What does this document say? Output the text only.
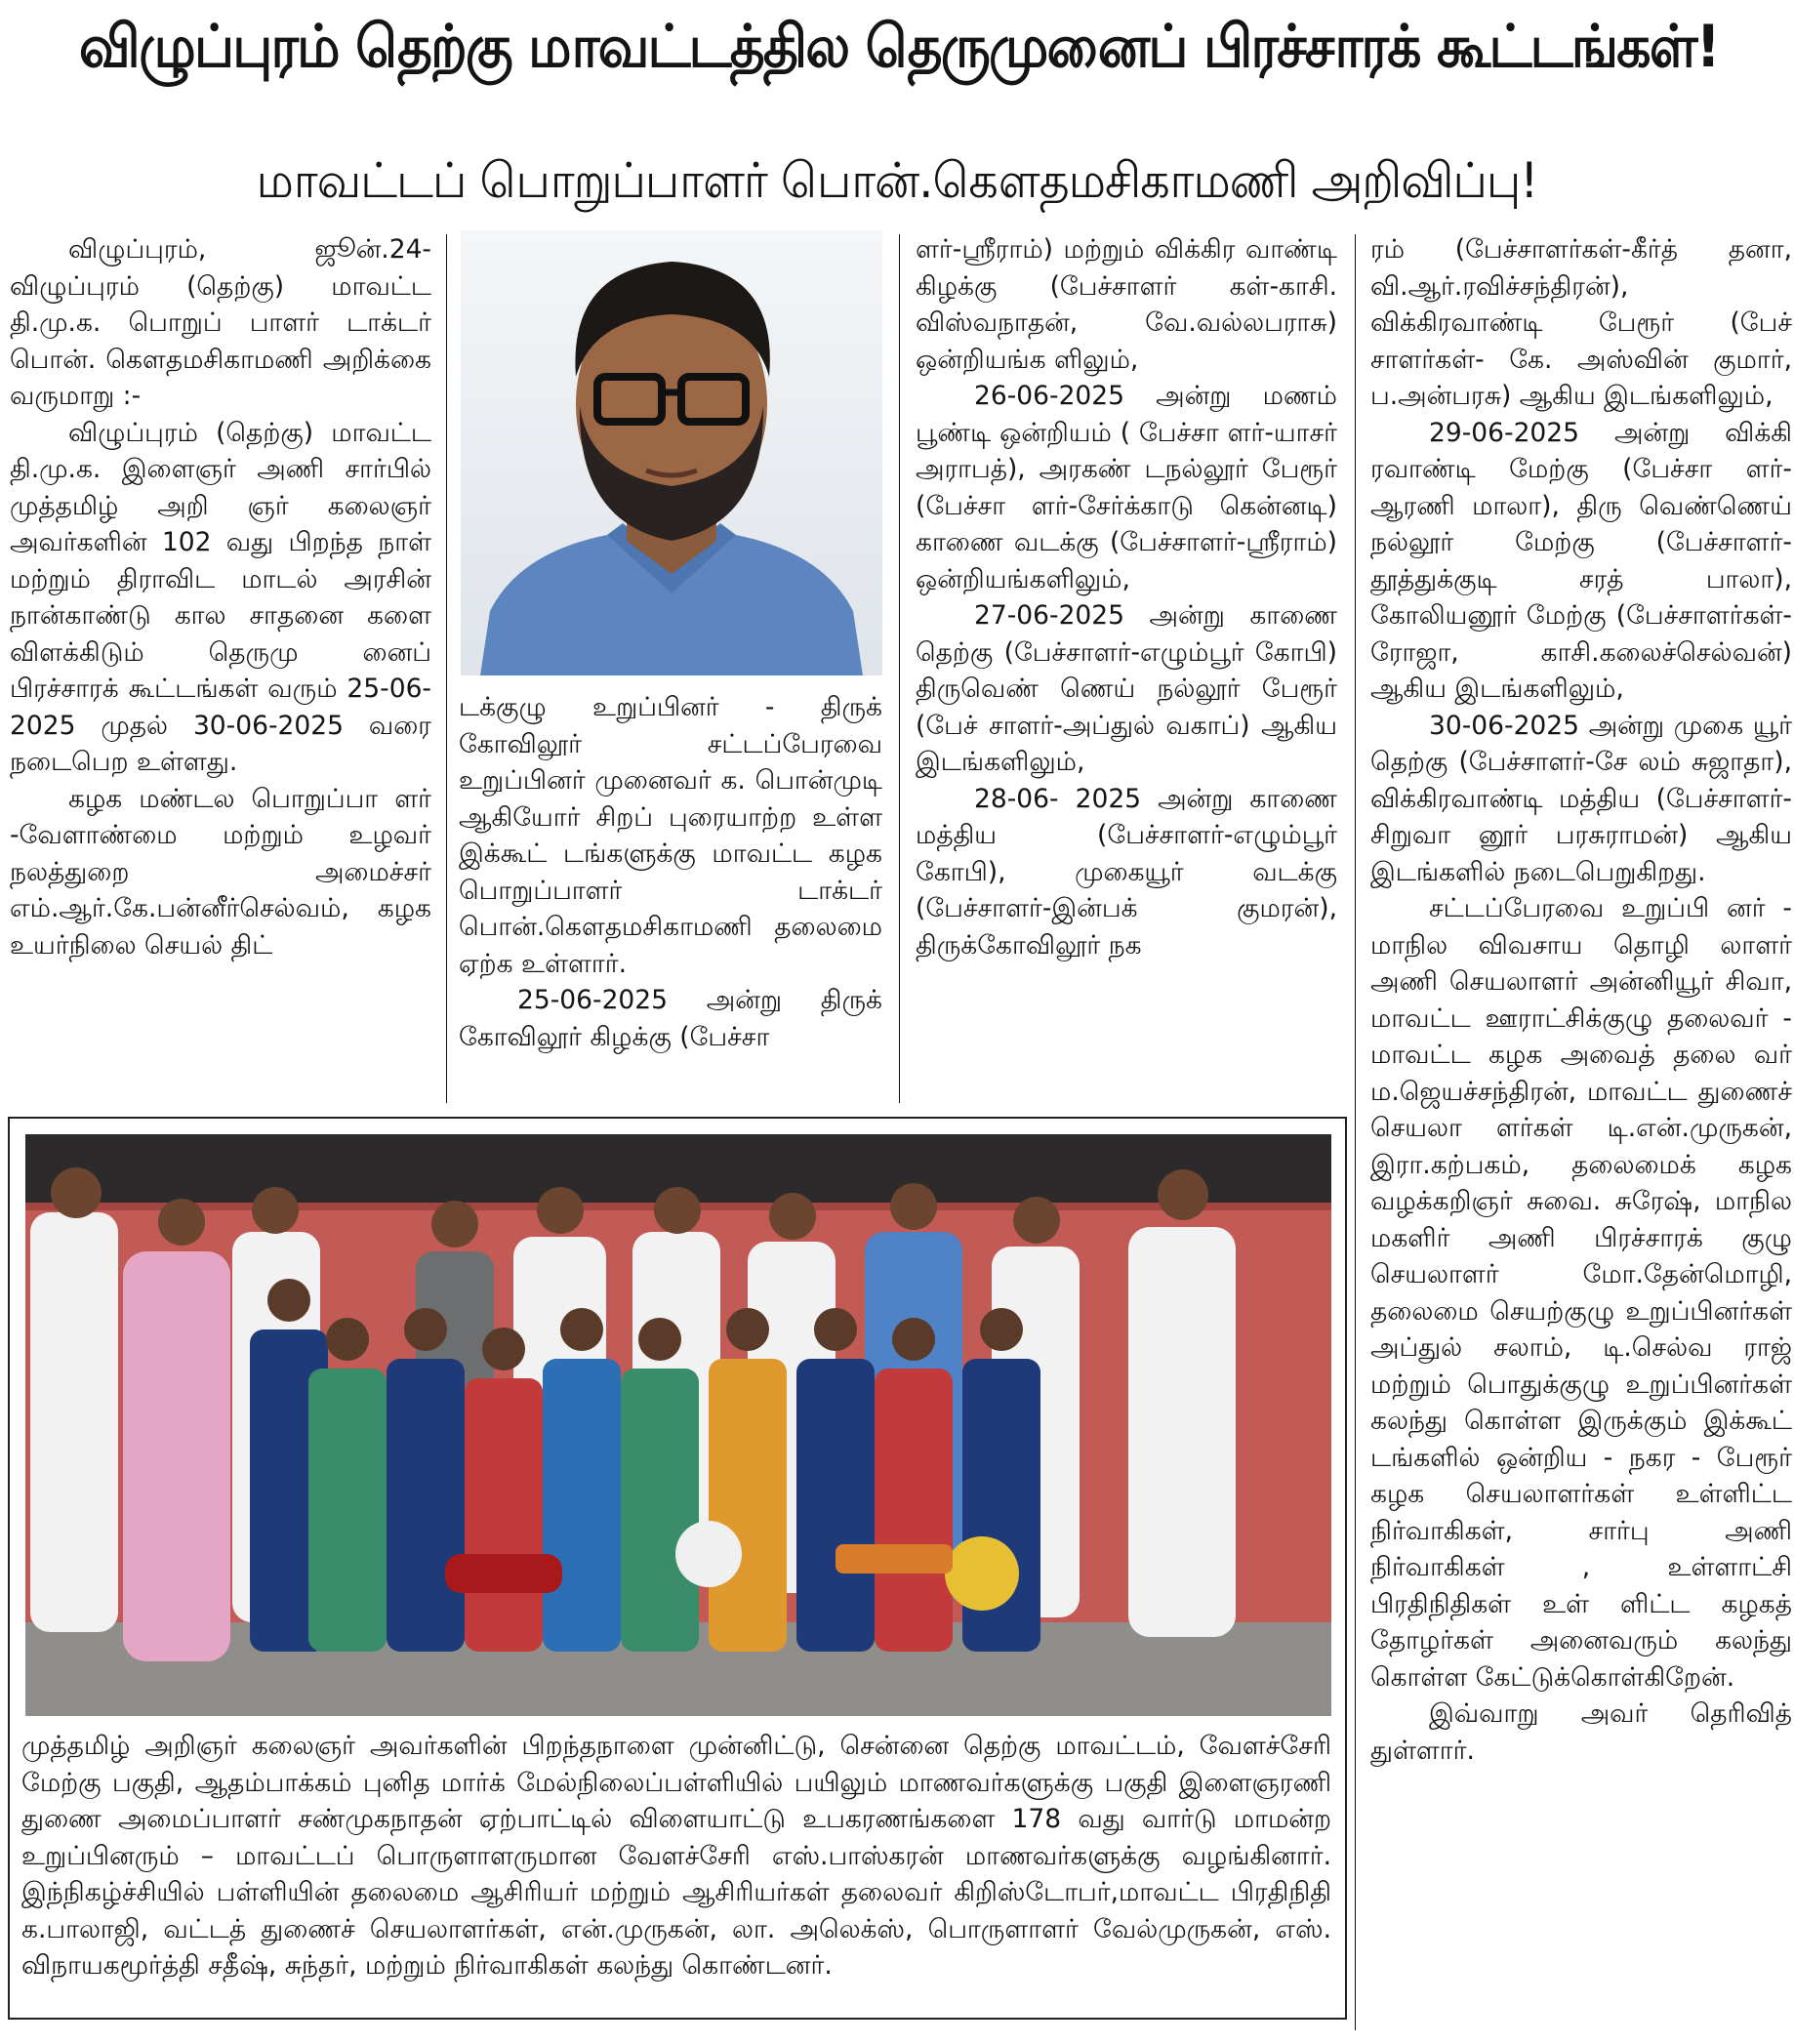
விழுப்புரம் தெற்கு மாவட்டத்தில தெருமுனைப் பிரச்சாரக் கூட்டங்கள்!
மாவட்டப் பொறுப்பாளர் பொன்.கௌதமசிகாமணி அறிவிப்பு!

விழுப்புரம், ஜூன்.24- விழுப்புரம் (தெற்கு) மாவட்ட தி.மு.க. பொறுப் பாளர் டாக்டர் பொன். கௌதமசிகாமணி அறிக்கை வருமாறு :-

விழுப்புரம் (தெற்கு) மாவட்ட தி.மு.க. இளைஞர் அணி சார்பில் முத்தமிழ் அறி ஞர் கலைஞர் அவர்களின் 102 வது பிறந்த நாள் மற்றும் திராவிட மாடல் அரசின் நான்காண்டு கால சாதனை களை விளக்கிடும் தெருமு னைப் பிரச்சாரக் கூட்டங்கள் வரும் 25-06-2025 முதல் 30-06-2025 வரை நடைபெற உள்ளது.

கழக மண்டல பொறுப்பா ளர் -வேளாண்மை மற்றும் உழவர் நலத்துறை அமைச்சர் எம்.ஆர்.கே.பன்னீர்செல்வம், கழக உயர்நிலை செயல் திட்

டக்குழு உறுப்பினர் - திருக் கோவிலூர் சட்டப்பேரவை உறுப்பினர் முனைவர் க. பொன்முடி ஆகியோர் சிறப் புரையாற்ற உள்ள இக்கூட் டங்களுக்கு மாவட்ட கழக பொறுப்பாளர் டாக்டர் பொன்.கௌதமசிகாமணி தலைமை ஏற்க உள்ளார்.

25-06-2025 அன்று திருக் கோவிலூர் கிழக்கு (பேச்சா

ளர்-ஸ்ரீராம்) மற்றும் விக்கிர வாண்டி கிழக்கு (பேச்சாளர் கள்-காசி. விஸ்வநாதன், வே.வல்லபராசு) ஒன்றியங்க ளிலும்,

26-06-2025 அன்று மணம் பூண்டி ஒன்றியம் ( பேச்சா ளர்-யாசர் அராபத்), அரகண் டநல்லூர் பேரூர் (பேச்சா ளர்-சேர்க்காடு கென்னடி) காணை வடக்கு (பேச்சாளர்-ஸ்ரீராம்) ஒன்றியங்களிலும்,

27-06-2025 அன்று காணை தெற்கு (பேச்சாளர்-எழும்பூர் கோபி) திருவெண் ணெய் நல்லூர் பேரூர் (பேச் சாளர்-அப்துல் வகாப்) ஆகிய இடங்களிலும்,

28-06- 2025 அன்று காணை மத்திய (பேச்சாளர்-எழும்பூர் கோபி), முகையூர் வடக்கு (பேச்சாளர்-இன்பக் குமரன்), திருக்கோவிலூர் நக

ரம் (பேச்சாளர்கள்-கீர்த் தனா, வி.ஆர்.ரவிச்சந்திரன்), விக்கிரவாண்டி பேரூர் (பேச் சாளர்கள்- கே. அஸ்வின் குமார், ப.அன்பரசு) ஆகிய இடங்களிலும்,

29-06-2025 அன்று விக்கி ரவாண்டி மேற்கு (பேச்சா ளர்-ஆரணி மாலா), திரு வெண்ணெய் நல்லூர் மேற்கு (பேச்சாளர்-தூத்துக்குடி சரத் பாலா), கோலியனூர் மேற்கு (பேச்சாளர்கள்-ரோஜா, காசி.கலைச்செல்வன்) ஆகிய இடங்களிலும்,

30-06-2025 அன்று முகை யூர் தெற்கு (பேச்சாளர்-சே லம் சுஜாதா), விக்கிரவாண்டி மத்திய (பேச்சாளர்-சிறுவா னூர் பரசுராமன்) ஆகிய இடங்களில் நடைபெறுகிறது.

சட்டப்பேரவை உறுப்பி னர் - மாநில விவசாய தொழி லாளர் அணி செயலாளர் அன்னியூர் சிவா, மாவட்ட ஊராட்சிக்குழு தலைவர் - மாவட்ட கழக அவைத் தலை வர் ம.ஜெயச்சந்திரன், மாவட்ட துணைச் செயலா ளர்கள் டி.என்.முருகன், இரா.கற்பகம், தலைமைக் கழக வழக்கறிஞர் சுவை. சுரேஷ், மாநில மகளிர் அணி பிரச்சாரக் குழு செயலாளர் மோ.தேன்மொழி, தலைமை செயற்குழு உறுப்பினர்கள் அப்துல் சலாம், டி.செல்வ ராஜ் மற்றும் பொதுக்குழு உறுப்பினர்கள் கலந்து கொள்ள இருக்கும் இக்கூட் டங்களில் ஒன்றிய - நகர - பேரூர் கழக செயலாளர்கள் உள்ளிட்ட நிர்வாகிகள், சார்பு அணி நிர்வாகிகள் , உள்ளாட்சி பிரதிநிதிகள் உள் ளிட்ட கழகத் தோழர்கள் அனைவரும் கலந்து கொள்ள கேட்டுக்கொள்கிறேன்.

இவ்வாறு அவர் தெரிவித் துள்ளார்.

முத்தமிழ் அறிஞர் கலைஞர் அவர்களின் பிறந்தநாளை முன்னிட்டு, சென்னை தெற்கு மாவட்டம், வேளச்சேரி மேற்கு பகுதி, ஆதம்பாக்கம் புனித மார்க் மேல்நிலைப்பள்ளியில் பயிலும் மாணவர்களுக்கு பகுதி இளைஞரணி துணை அமைப்பாளர் சண்முகநாதன் ஏற்பாட்டில் விளையாட்டு உபகரணங்களை 178 வது வார்டு மாமன்ற உறுப்பினரும் – மாவட்டப் பொருளாளருமான வேளச்சேரி எஸ்.பாஸ்கரன் மாணவர்களுக்கு வழங்கினார். இந்நிகழ்ச்சியில் பள்ளியின் தலைமை ஆசிரியர் மற்றும் ஆசிரியர்கள் தலைவர் கிறிஸ்டோபர்,மாவட்ட பிரதிநிதி க.பாலாஜி, வட்டத் துணைச் செயலாளர்கள், என்.முருகன், லா. அலெக்ஸ், பொருளாளர் வேல்முருகன், எஸ். விநாயகமூர்த்தி சதீஷ், சுந்தர், மற்றும் நிர்வாகிகள் கலந்து கொண்டனர்.
